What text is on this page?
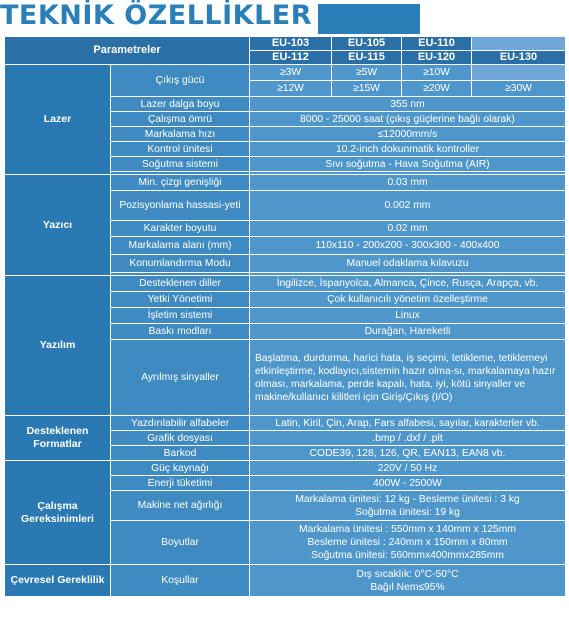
TEKNİK ÖZELLİKLER
Parametreler		EU-103	EU-105	EU-110	
		EU-112	EU-115	EU-120	EU-130
Lazer	Çıkış gücü	≥3W	≥5W	≥10W	
		≥12W	≥15W	≥20W	≥30W
	Lazer dalga boyu	355 nm			
	Çalışma ömrü	8000 - 25000 saat (çıkış güçlerine bağlı olarak)			
	Markalama hızı	≤12000mm/s			
	Kontrol ünitesi	10.2-inch dokunmatik kontroller			
	Soğutma sistemi	Sıvı soğutma - Hava Soğutma (AIR)			

Yazıcı	Min. çizgi genişliği	0.03 mm			
	Pozisyonlama hassasi-yeti	0.002 mm			
	Karakter boyutu	0.02 mm			
	Markalama alanı (mm)	110x110 - 200x200 - 300x300 - 400x400			
	Konumlandırma Modu	Manuel odaklama kılavuzu			

Yazılım	Desteklenen diller	İngilizce, İspanyolca, Almanca, Çince, Rusça, Arapça, vb.			
	Yetki Yönetimi	Çok kullanıcılı yönetim özelleştirme			
	İşletim sistemi	Linux			
	Baskı modları	Durağan, Hareketli			
	Ayrılmış sinyaller	Başlatma, durdurma, harici hata, iş seçimi, tetikleme, tetiklemeyi etkinleştirme, kodlayıcı,sistemin hazır olma-sı, markalamaya hazır olması, markalama, perde kapalı, hata, iyi, kötü sinyaller ve makine/kullanıcı kilitleri için Giriş/Çıkış (I/O)			
Desteklenen Formatlar	Yazdırılabilir alfabeler	Latin, Kiril, Çin, Arap, Fars alfabesi, sayılar, karakterler vb.			
	Grafik dosyası	.bmp / .dxf / .plt			
	Barkod	CODE39, 128, 126, QR, EAN13, EAN8 vb.			
Çalışma Gereksinimleri	Güç kaynağı	220V / 50 Hz			
	Enerji tüketimi	400W - 2500W			
	Makine net ağırlığı	Markalama ünitesi: 12 kg - Besleme ünitesi : 3 kg
Soğutma ünitesi: 19 kg			

	Boyutlar	Markalama ünitesi : 550mm x 140mm x 125mm
Besleme ünitesi : 240mm x 150mm x 80mm
Soğutma ünitesi: 560mmx400mmx285mm			

Çevresel Gereklilik	Koşullar	Dış sıcaklık: 0°C-50°C
Bağıl Nem≤95%			
